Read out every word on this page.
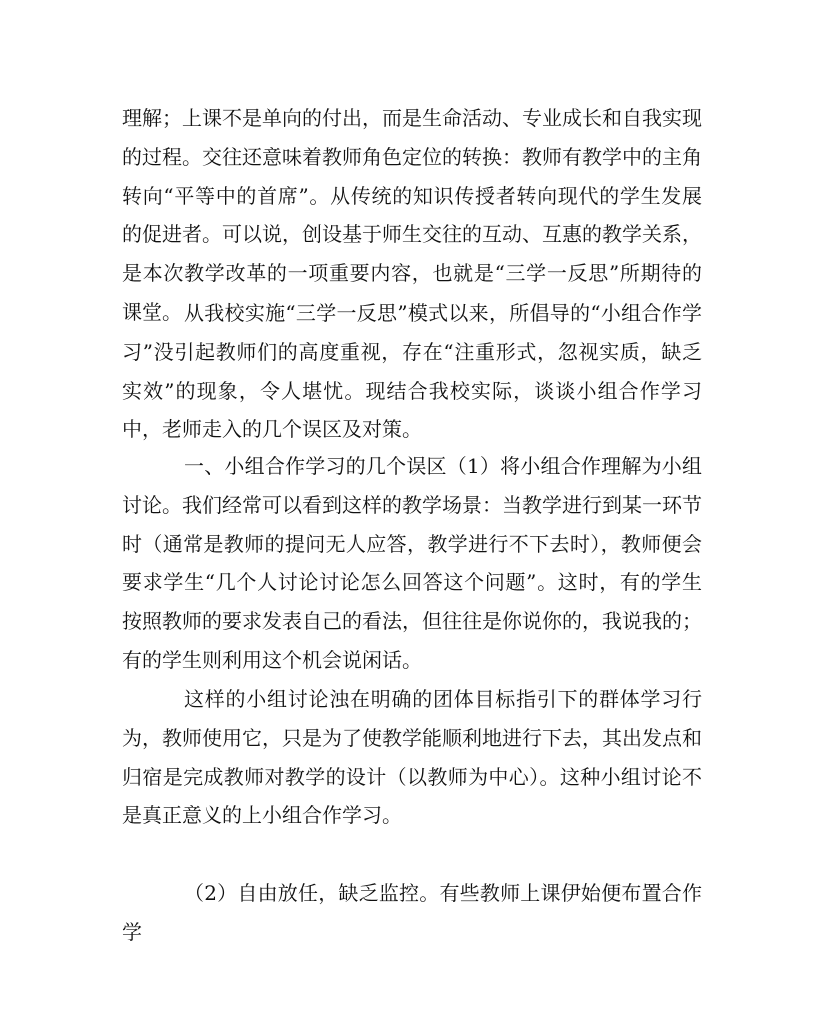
理解；上课不是单向的付出，而是生命活动、专业成长和自我实现的过程。交往还意味着教师角色定位的转换：教师有教学中的主角转向“平等中的首席”。从传统的知识传授者转向现代的学生发展的促进者。可以说，创设基于师生交往的互动、互惠的教学关系，是本次教学改革的一项重要内容，也就是“三学一反思”所期待的课堂。 从我校实施“三学一反思”模式以来，所倡导的“小组合作学习”没引起教师们的高度重视，存在“注重形式，忽视实质，缺乏实效”的现象，令人堪忧。现结合我校实际，谈谈小组合作学习中，老师走入的几个误区及对策。

一、小组合作学习的几个误区（1）将小组合作理解为小组讨论。我们经常可以看到这样的教学场景：当教学进行到某一环节时（通常是教师的提问无人应答，教学进行不下去时），教师便会要求学生“几个人讨论讨论怎么回答这个问题”。这时，有的学生按照教师的要求发表自己的看法，但往往是你说你的，我说我的；有的学生则利用这个机会说闲话。

这样的小组讨论浊在明确的团体目标指引下的群体学习行为，教师使用它，只是为了使教学能顺利地进行下去，其出发点和归宿是完成教师对教学的设计（以教师为中心）。这种小组讨论不是真正意义的上小组合作学习。

（2）自由放任，缺乏监控。有些教师上课伊始便布置合作学
